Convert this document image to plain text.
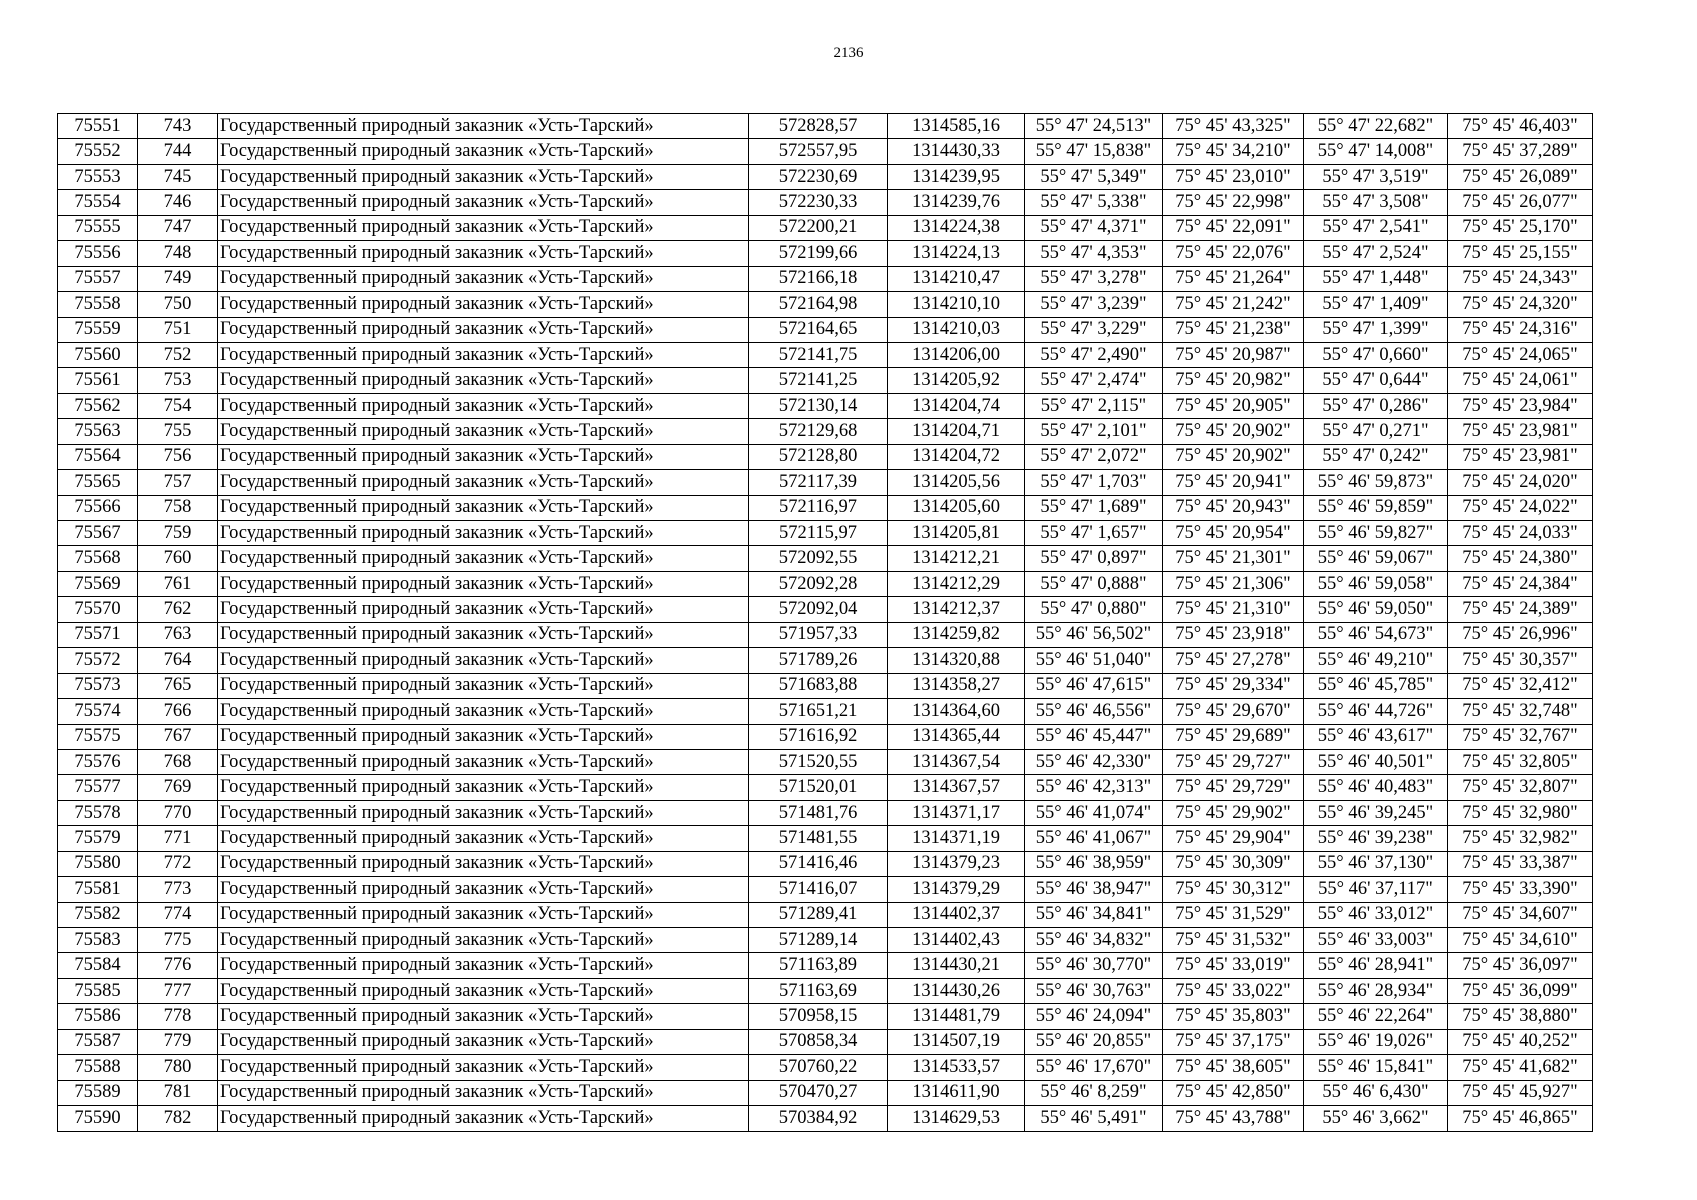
2136
75551	743	Государственный природный заказник «Усть-Тарский»	572828,57	1314585,16	55° 47' 24,513"	75° 45' 43,325"	55° 47' 22,682"	75° 45' 46,403"
75552	744	Государственный природный заказник «Усть-Тарский»	572557,95	1314430,33	55° 47' 15,838"	75° 45' 34,210"	55° 47' 14,008"	75° 45' 37,289"
75553	745	Государственный природный заказник «Усть-Тарский»	572230,69	1314239,95	55° 47' 5,349"	75° 45' 23,010"	55° 47' 3,519"	75° 45' 26,089"
75554	746	Государственный природный заказник «Усть-Тарский»	572230,33	1314239,76	55° 47' 5,338"	75° 45' 22,998"	55° 47' 3,508"	75° 45' 26,077"
75555	747	Государственный природный заказник «Усть-Тарский»	572200,21	1314224,38	55° 47' 4,371"	75° 45' 22,091"	55° 47' 2,541"	75° 45' 25,170"
75556	748	Государственный природный заказник «Усть-Тарский»	572199,66	1314224,13	55° 47' 4,353"	75° 45' 22,076"	55° 47' 2,524"	75° 45' 25,155"
75557	749	Государственный природный заказник «Усть-Тарский»	572166,18	1314210,47	55° 47' 3,278"	75° 45' 21,264"	55° 47' 1,448"	75° 45' 24,343"
75558	750	Государственный природный заказник «Усть-Тарский»	572164,98	1314210,10	55° 47' 3,239"	75° 45' 21,242"	55° 47' 1,409"	75° 45' 24,320"
75559	751	Государственный природный заказник «Усть-Тарский»	572164,65	1314210,03	55° 47' 3,229"	75° 45' 21,238"	55° 47' 1,399"	75° 45' 24,316"
75560	752	Государственный природный заказник «Усть-Тарский»	572141,75	1314206,00	55° 47' 2,490"	75° 45' 20,987"	55° 47' 0,660"	75° 45' 24,065"
75561	753	Государственный природный заказник «Усть-Тарский»	572141,25	1314205,92	55° 47' 2,474"	75° 45' 20,982"	55° 47' 0,644"	75° 45' 24,061"
75562	754	Государственный природный заказник «Усть-Тарский»	572130,14	1314204,74	55° 47' 2,115"	75° 45' 20,905"	55° 47' 0,286"	75° 45' 23,984"
75563	755	Государственный природный заказник «Усть-Тарский»	572129,68	1314204,71	55° 47' 2,101"	75° 45' 20,902"	55° 47' 0,271"	75° 45' 23,981"
75564	756	Государственный природный заказник «Усть-Тарский»	572128,80	1314204,72	55° 47' 2,072"	75° 45' 20,902"	55° 47' 0,242"	75° 45' 23,981"
75565	757	Государственный природный заказник «Усть-Тарский»	572117,39	1314205,56	55° 47' 1,703"	75° 45' 20,941"	55° 46' 59,873"	75° 45' 24,020"
75566	758	Государственный природный заказник «Усть-Тарский»	572116,97	1314205,60	55° 47' 1,689"	75° 45' 20,943"	55° 46' 59,859"	75° 45' 24,022"
75567	759	Государственный природный заказник «Усть-Тарский»	572115,97	1314205,81	55° 47' 1,657"	75° 45' 20,954"	55° 46' 59,827"	75° 45' 24,033"
75568	760	Государственный природный заказник «Усть-Тарский»	572092,55	1314212,21	55° 47' 0,897"	75° 45' 21,301"	55° 46' 59,067"	75° 45' 24,380"
75569	761	Государственный природный заказник «Усть-Тарский»	572092,28	1314212,29	55° 47' 0,888"	75° 45' 21,306"	55° 46' 59,058"	75° 45' 24,384"
75570	762	Государственный природный заказник «Усть-Тарский»	572092,04	1314212,37	55° 47' 0,880"	75° 45' 21,310"	55° 46' 59,050"	75° 45' 24,389"
75571	763	Государственный природный заказник «Усть-Тарский»	571957,33	1314259,82	55° 46' 56,502"	75° 45' 23,918"	55° 46' 54,673"	75° 45' 26,996"
75572	764	Государственный природный заказник «Усть-Тарский»	571789,26	1314320,88	55° 46' 51,040"	75° 45' 27,278"	55° 46' 49,210"	75° 45' 30,357"
75573	765	Государственный природный заказник «Усть-Тарский»	571683,88	1314358,27	55° 46' 47,615"	75° 45' 29,334"	55° 46' 45,785"	75° 45' 32,412"
75574	766	Государственный природный заказник «Усть-Тарский»	571651,21	1314364,60	55° 46' 46,556"	75° 45' 29,670"	55° 46' 44,726"	75° 45' 32,748"
75575	767	Государственный природный заказник «Усть-Тарский»	571616,92	1314365,44	55° 46' 45,447"	75° 45' 29,689"	55° 46' 43,617"	75° 45' 32,767"
75576	768	Государственный природный заказник «Усть-Тарский»	571520,55	1314367,54	55° 46' 42,330"	75° 45' 29,727"	55° 46' 40,501"	75° 45' 32,805"
75577	769	Государственный природный заказник «Усть-Тарский»	571520,01	1314367,57	55° 46' 42,313"	75° 45' 29,729"	55° 46' 40,483"	75° 45' 32,807"
75578	770	Государственный природный заказник «Усть-Тарский»	571481,76	1314371,17	55° 46' 41,074"	75° 45' 29,902"	55° 46' 39,245"	75° 45' 32,980"
75579	771	Государственный природный заказник «Усть-Тарский»	571481,55	1314371,19	55° 46' 41,067"	75° 45' 29,904"	55° 46' 39,238"	75° 45' 32,982"
75580	772	Государственный природный заказник «Усть-Тарский»	571416,46	1314379,23	55° 46' 38,959"	75° 45' 30,309"	55° 46' 37,130"	75° 45' 33,387"
75581	773	Государственный природный заказник «Усть-Тарский»	571416,07	1314379,29	55° 46' 38,947"	75° 45' 30,312"	55° 46' 37,117"	75° 45' 33,390"
75582	774	Государственный природный заказник «Усть-Тарский»	571289,41	1314402,37	55° 46' 34,841"	75° 45' 31,529"	55° 46' 33,012"	75° 45' 34,607"
75583	775	Государственный природный заказник «Усть-Тарский»	571289,14	1314402,43	55° 46' 34,832"	75° 45' 31,532"	55° 46' 33,003"	75° 45' 34,610"
75584	776	Государственный природный заказник «Усть-Тарский»	571163,89	1314430,21	55° 46' 30,770"	75° 45' 33,019"	55° 46' 28,941"	75° 45' 36,097"
75585	777	Государственный природный заказник «Усть-Тарский»	571163,69	1314430,26	55° 46' 30,763"	75° 45' 33,022"	55° 46' 28,934"	75° 45' 36,099"
75586	778	Государственный природный заказник «Усть-Тарский»	570958,15	1314481,79	55° 46' 24,094"	75° 45' 35,803"	55° 46' 22,264"	75° 45' 38,880"
75587	779	Государственный природный заказник «Усть-Тарский»	570858,34	1314507,19	55° 46' 20,855"	75° 45' 37,175"	55° 46' 19,026"	75° 45' 40,252"
75588	780	Государственный природный заказник «Усть-Тарский»	570760,22	1314533,57	55° 46' 17,670"	75° 45' 38,605"	55° 46' 15,841"	75° 45' 41,682"
75589	781	Государственный природный заказник «Усть-Тарский»	570470,27	1314611,90	55° 46' 8,259"	75° 45' 42,850"	55° 46' 6,430"	75° 45' 45,927"
75590	782	Государственный природный заказник «Усть-Тарский»	570384,92	1314629,53	55° 46' 5,491"	75° 45' 43,788"	55° 46' 3,662"	75° 45' 46,865"
